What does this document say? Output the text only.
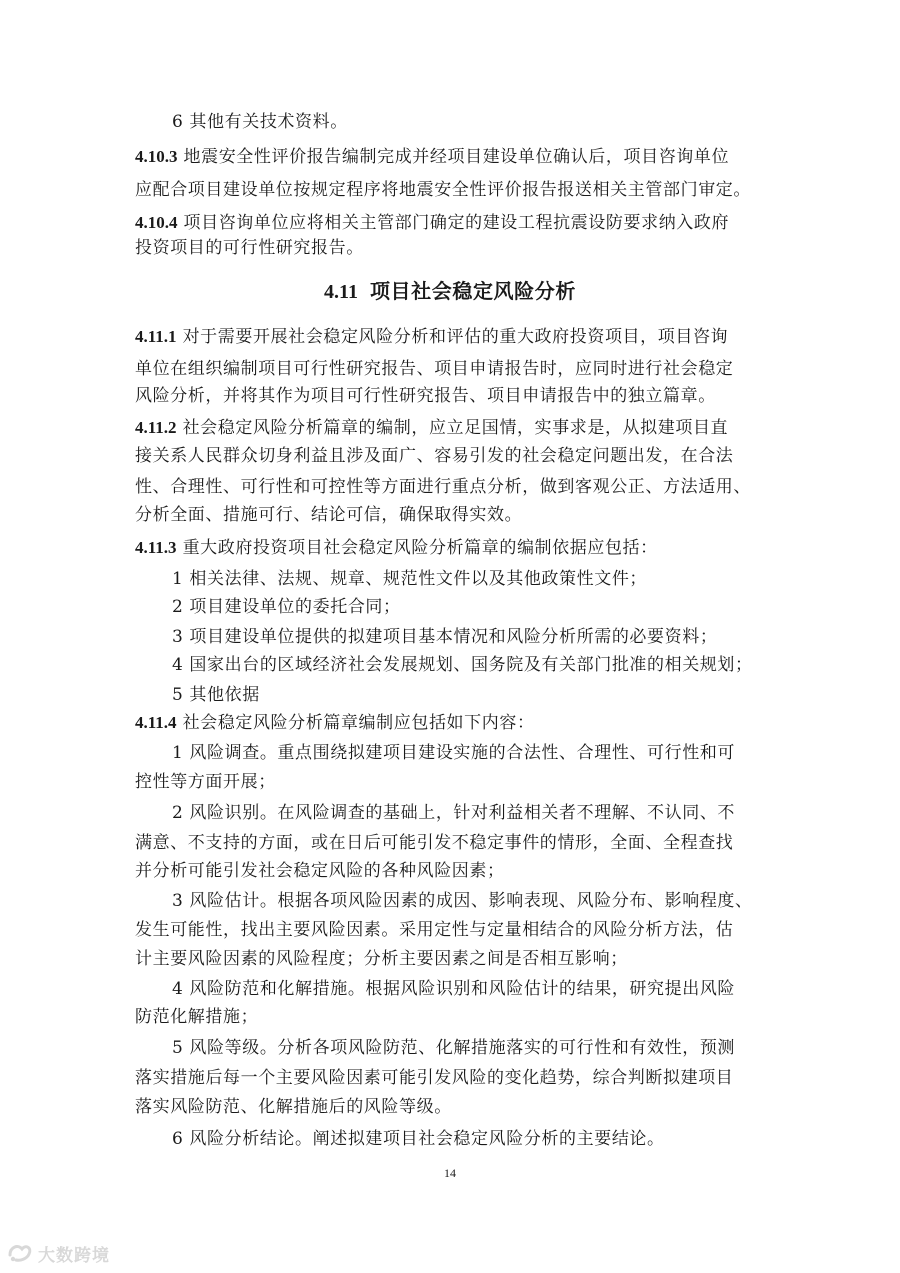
6 其他有关技术资料。
4.10.3 地震安全性评价报告编制完成并经项目建设单位确认后，项目咨询单位
应配合项目建设单位按规定程序将地震安全性评价报告报送相关主管部门审定。
4.10.4 项目咨询单位应将相关主管部门确定的建设工程抗震设防要求纳入政府
投资项目的可行性研究报告。
4.11 项目社会稳定风险分析
4.11.1 对于需要开展社会稳定风险分析和评估的重大政府投资项目，项目咨询
单位在组织编制项目可行性研究报告、项目申请报告时，应同时进行社会稳定
风险分析，并将其作为项目可行性研究报告、项目申请报告中的独立篇章。
4.11.2 社会稳定风险分析篇章的编制，应立足国情，实事求是，从拟建项目直
接关系人民群众切身利益且涉及面广、容易引发的社会稳定问题出发，在合法
性、合理性、可行性和可控性等方面进行重点分析，做到客观公正、方法适用、
分析全面、措施可行、结论可信，确保取得实效。
4.11.3 重大政府投资项目社会稳定风险分析篇章的编制依据应包括：
1 相关法律、法规、规章、规范性文件以及其他政策性文件；
2 项目建设单位的委托合同；
3 项目建设单位提供的拟建项目基本情况和风险分析所需的必要资料；
4 国家出台的区域经济社会发展规划、国务院及有关部门批准的相关规划；
5 其他依据
4.11.4 社会稳定风险分析篇章编制应包括如下内容：
1 风险调查。重点围绕拟建项目建设实施的合法性、合理性、可行性和可
控性等方面开展；
2 风险识别。在风险调查的基础上，针对利益相关者不理解、不认同、不
满意、不支持的方面，或在日后可能引发不稳定事件的情形，全面、全程查找
并分析可能引发社会稳定风险的各种风险因素；
3 风险估计。根据各项风险因素的成因、影响表现、风险分布、影响程度、
发生可能性，找出主要风险因素。采用定性与定量相结合的风险分析方法，估
计主要风险因素的风险程度；分析主要因素之间是否相互影响；
4 风险防范和化解措施。根据风险识别和风险估计的结果，研究提出风险
防范化解措施；
5 风险等级。分析各项风险防范、化解措施落实的可行性和有效性，预测
落实措施后每一个主要风险因素可能引发风险的变化趋势，综合判断拟建项目
落实风险防范、化解措施后的风险等级。
6 风险分析结论。阐述拟建项目社会稳定风险分析的主要结论。
14
大数跨境
